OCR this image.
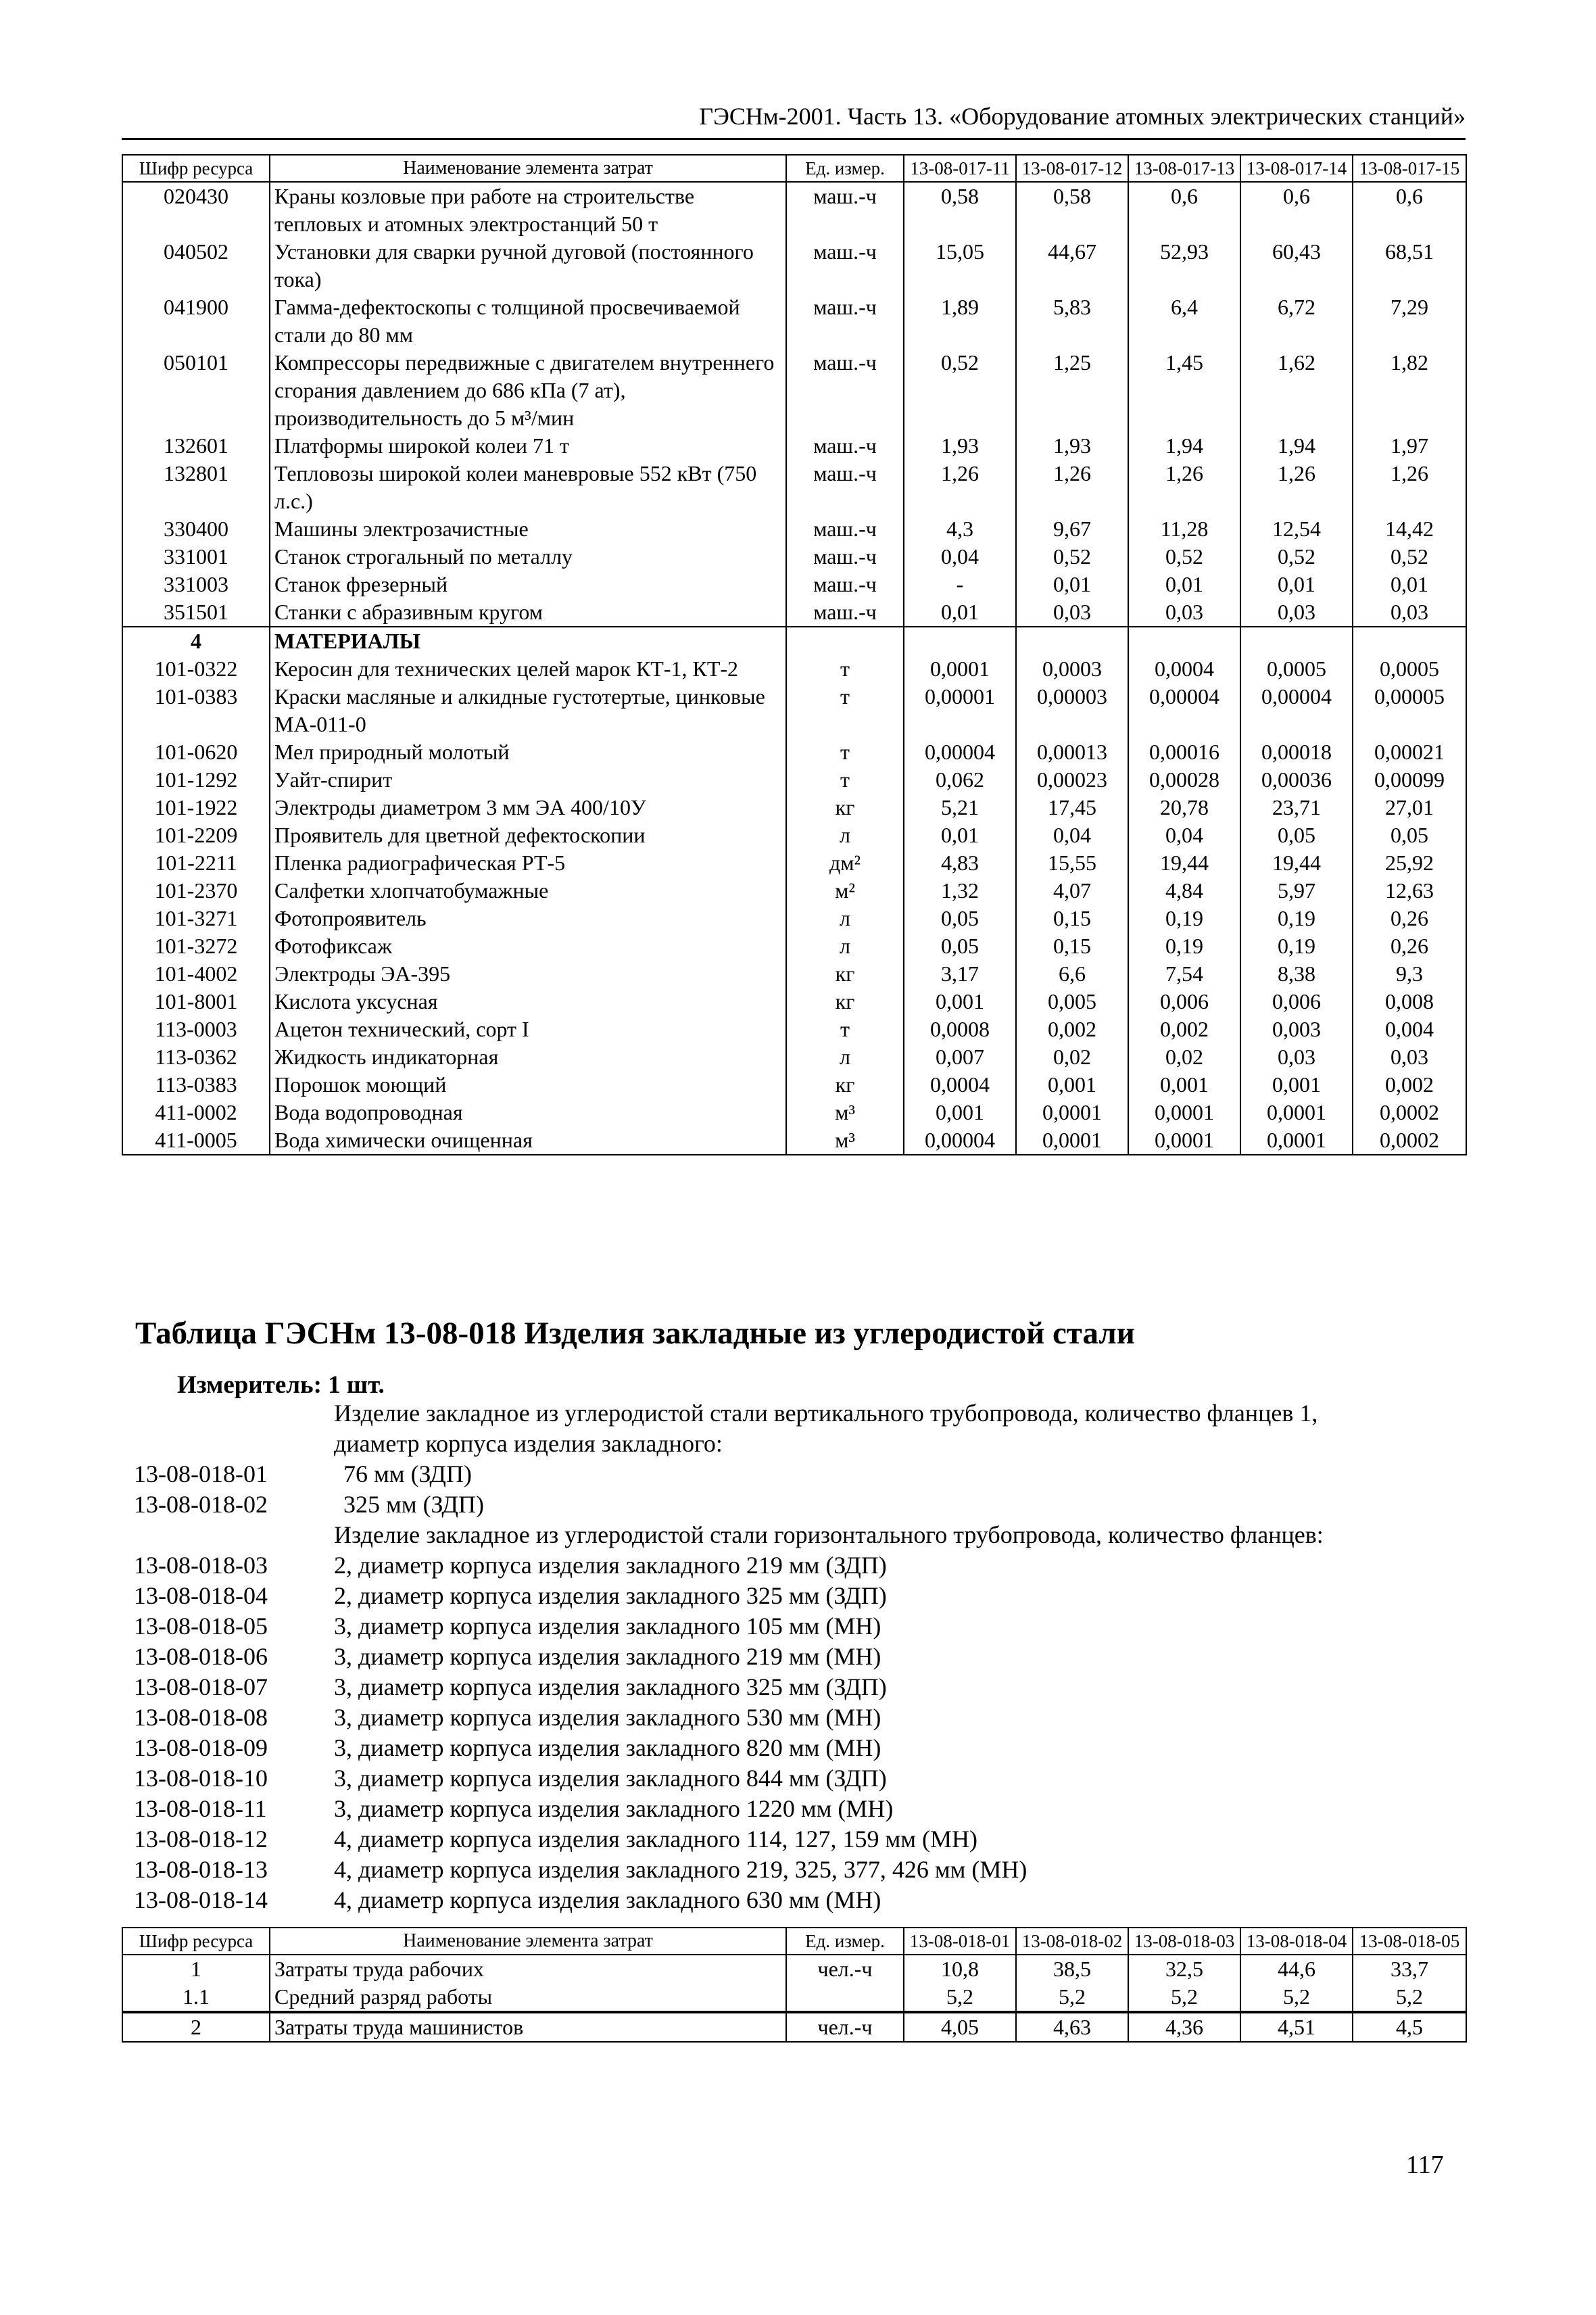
ГЭСНм-2001. Часть 13. «Оборудование атомных электрических станций»
Шифр ресурса	Наименование элемента затрат	Ед. измер.	13-08-017-11	13-08-017-12	13-08-017-13	13-08-017-14	13-08-017-15
020430	Краны козловые при работе на строительстве тепловых и атомных электростанций 50 т	маш.-ч	0,58	0,58	0,6	0,6	0,6
040502	Установки для сварки ручной дуговой (постоянного тока)	маш.-ч	15,05	44,67	52,93	60,43	68,51
041900	Гамма-дефектоскопы с толщиной просвечиваемой стали до 80 мм	маш.-ч	1,89	5,83	6,4	6,72	7,29
050101	Компрессоры передвижные с двигателем внутреннего сгорания давлением до 686 кПа (7 ат), производительность до 5 м³/мин	маш.-ч	0,52	1,25	1,45	1,62	1,82
132601	Платформы широкой колеи 71 т	маш.-ч	1,93	1,93	1,94	1,94	1,97
132801	Тепловозы широкой колеи маневровые 552 кВт (750 л.с.)	маш.-ч	1,26	1,26	1,26	1,26	1,26
330400	Машины электрозачистные	маш.-ч	4,3	9,67	11,28	12,54	14,42
331001	Станок строгальный по металлу	маш.-ч	0,04	0,52	0,52	0,52	0,52
331003	Станок фрезерный	маш.-ч	-	0,01	0,01	0,01	0,01
351501	Станки с абразивным кругом	маш.-ч	0,01	0,03	0,03	0,03	0,03
4	МАТЕРИАЛЫ						
101-0322	Керосин для технических целей марок КТ-1, КТ-2	т	0,0001	0,0003	0,0004	0,0005	0,0005
101-0383	Краски масляные и алкидные густотертые, цинковые МА-011-0	т	0,00001	0,00003	0,00004	0,00004	0,00005
101-0620	Мел природный молотый	т	0,00004	0,00013	0,00016	0,00018	0,00021
101-1292	Уайт-спирит	т	0,062	0,00023	0,00028	0,00036	0,00099
101-1922	Электроды диаметром 3 мм ЭА 400/10У	кг	5,21	17,45	20,78	23,71	27,01
101-2209	Проявитель для цветной дефектоскопии	л	0,01	0,04	0,04	0,05	0,05
101-2211	Пленка радиографическая РТ-5	дм²	4,83	15,55	19,44	19,44	25,92
101-2370	Салфетки хлопчатобумажные	м²	1,32	4,07	4,84	5,97	12,63
101-3271	Фотопроявитель	л	0,05	0,15	0,19	0,19	0,26
101-3272	Фотофиксаж	л	0,05	0,15	0,19	0,19	0,26
101-4002	Электроды ЭА-395	кг	3,17	6,6	7,54	8,38	9,3
101-8001	Кислота уксусная	кг	0,001	0,005	0,006	0,006	0,008
113-0003	Ацетон технический, сорт I	т	0,0008	0,002	0,002	0,003	0,004
113-0362	Жидкость индикаторная	л	0,007	0,02	0,02	0,03	0,03
113-0383	Порошок моющий	кг	0,0004	0,001	0,001	0,001	0,002
411-0002	Вода водопроводная	м³	0,001	0,0001	0,0001	0,0001	0,0002
411-0005	Вода химически очищенная	м³	0,00004	0,0001	0,0001	0,0001	0,0002
Таблица ГЭСНм 13-08-018 Изделия закладные из углеродистой стали
Измеритель: 1 шт.
Изделие закладное из углеродистой стали вертикального трубопровода, количество фланцев 1,
диаметр корпуса изделия закладного:
13-08-018-01	76 мм (ЗДП)
13-08-018-02	325 мм (ЗДП)
Изделие закладное из углеродистой стали горизонтального трубопровода, количество фланцев:
13-08-018-03	2, диаметр корпуса изделия закладного 219 мм (ЗДП)
13-08-018-04	2, диаметр корпуса изделия закладного 325 мм (ЗДП)
13-08-018-05	3, диаметр корпуса изделия закладного 105 мм (МН)
13-08-018-06	3, диаметр корпуса изделия закладного 219 мм (МН)
13-08-018-07	3, диаметр корпуса изделия закладного 325 мм (ЗДП)
13-08-018-08	3, диаметр корпуса изделия закладного 530 мм (МН)
13-08-018-09	3, диаметр корпуса изделия закладного 820 мм (МН)
13-08-018-10	3, диаметр корпуса изделия закладного 844 мм (ЗДП)
13-08-018-11	3, диаметр корпуса изделия закладного 1220 мм (МН)
13-08-018-12	4, диаметр корпуса изделия закладного 114, 127, 159 мм (МН)
13-08-018-13	4, диаметр корпуса изделия закладного 219, 325, 377, 426 мм (МН)
13-08-018-14	4, диаметр корпуса изделия закладного 630 мм (МН)
Шифр ресурса	Наименование элемента затрат	Ед. измер.	13-08-018-01	13-08-018-02	13-08-018-03	13-08-018-04	13-08-018-05
1	Затраты труда рабочих	чел.-ч	10,8	38,5	32,5	44,6	33,7
1.1	Средний разряд работы		5,2	5,2	5,2	5,2	5,2
2	Затраты труда машинистов	чел.-ч	4,05	4,63	4,36	4,51	4,5
117
